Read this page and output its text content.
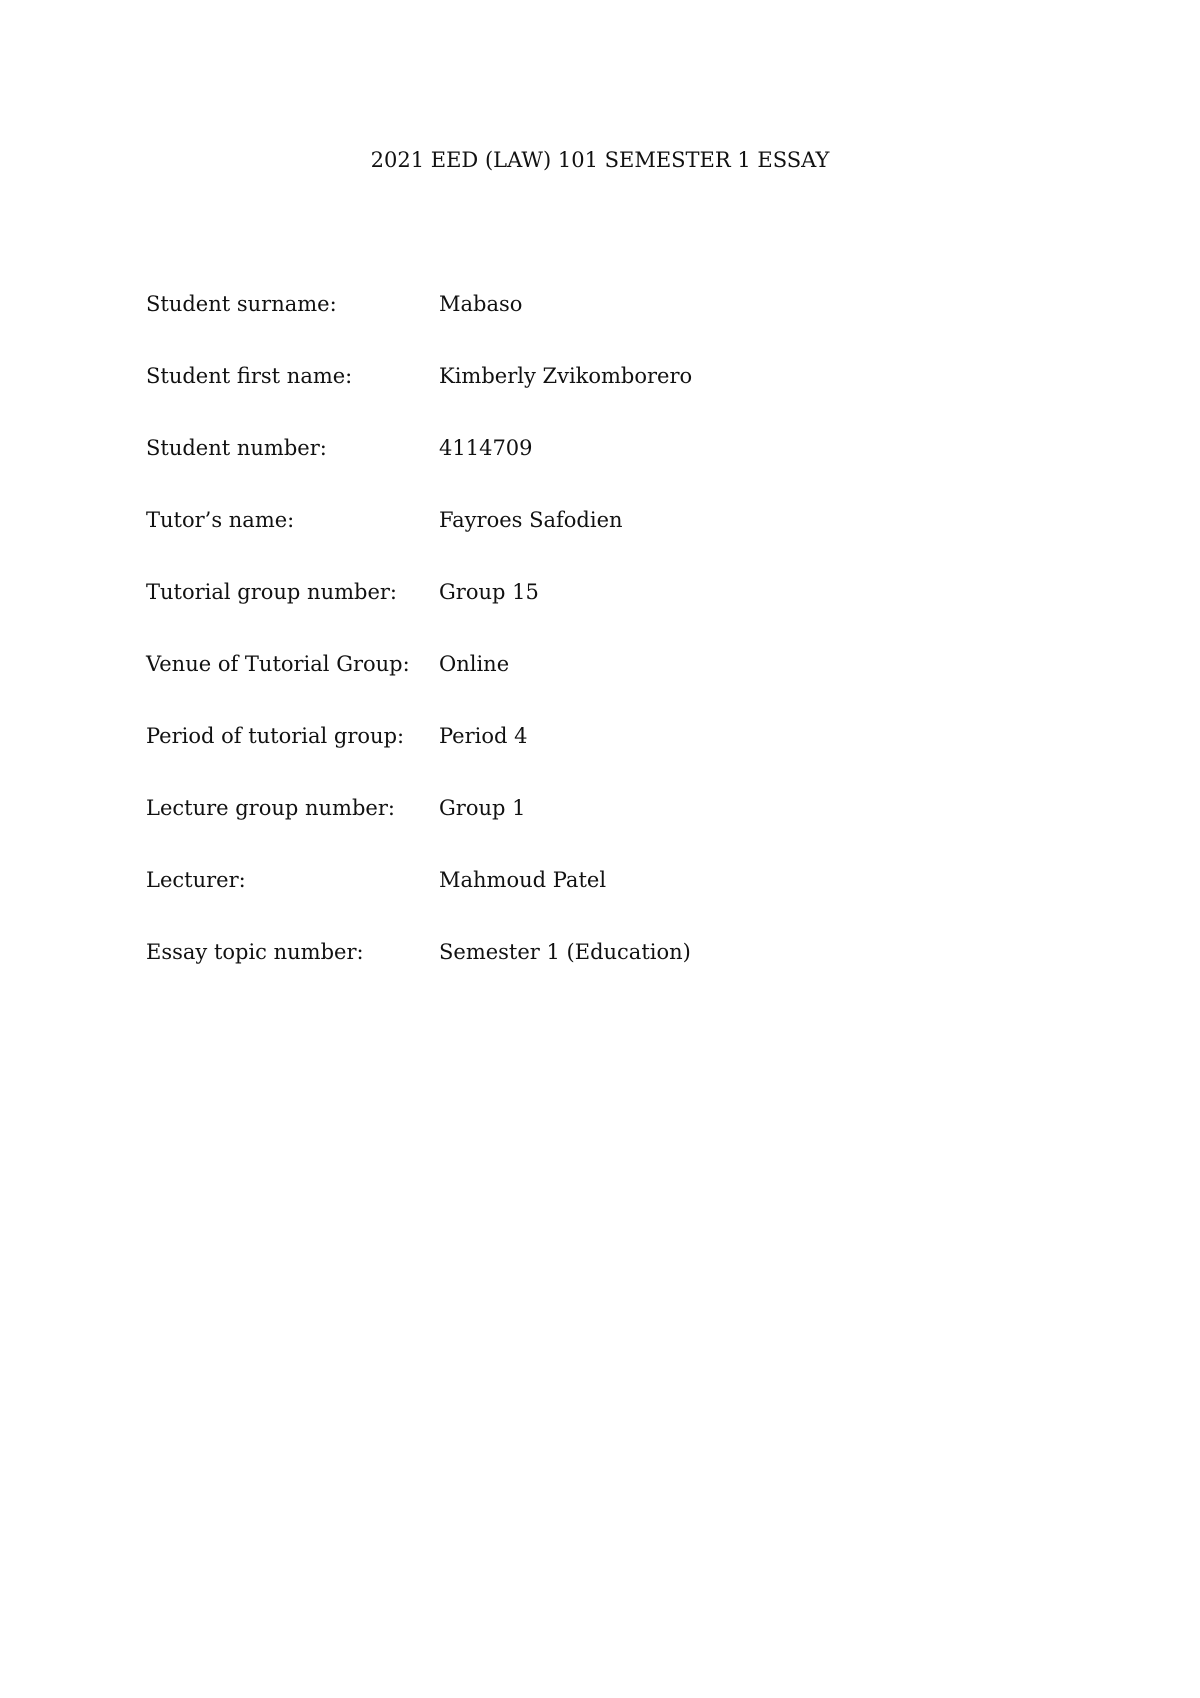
2021 EED (LAW) 101 SEMESTER 1 ESSAY
Student surname:	Mabaso
Student first name:	Kimberly Zvikomborero
Student number:	4114709
Tutor’s name:	Fayroes Safodien
Tutorial group number:	Group 15
Venue of Tutorial Group:	Online
Period of tutorial group:	Period 4
Lecture group number:	Group 1
Lecturer:	Mahmoud Patel
Essay topic number:	Semester 1 (Education)
